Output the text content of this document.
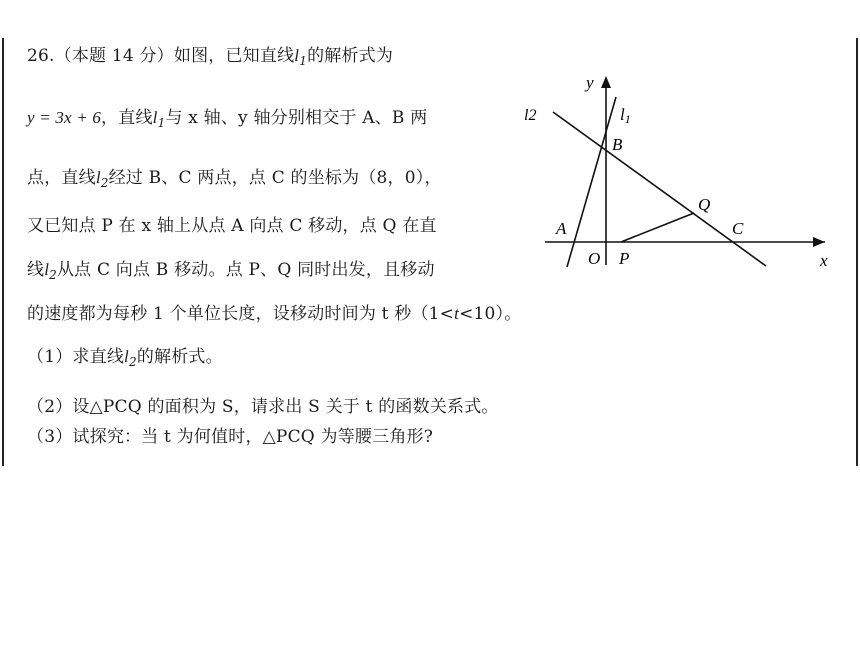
26.（本题 14 分）如图，已知直线$l_1$的解析式为
y = 3x + 6，直线$l_1$与 x 轴、y 轴分别相交于 A、B 两
点，直线$l_2$经过 B、C 两点，点 C 的坐标为（8，0），
又已知点 P 在 x 轴上从点 A 向点 C 移动，点 Q 在直
线$l_2$从点 C 向点 B 移动。点 P、Q 同时出发，且移动
的速度都为每秒 1 个单位长度，设移动时间为 t 秒（1<t<10）。
（1）求直线$l_2$的解析式。
（2）设△PCQ 的面积为 S，请求出 S 关于 t 的函数关系式。
（3）试探究：当 t 为何值时，△PCQ 为等腰三角形?
y
x
l2	l1
B
A
O P
Q
C
